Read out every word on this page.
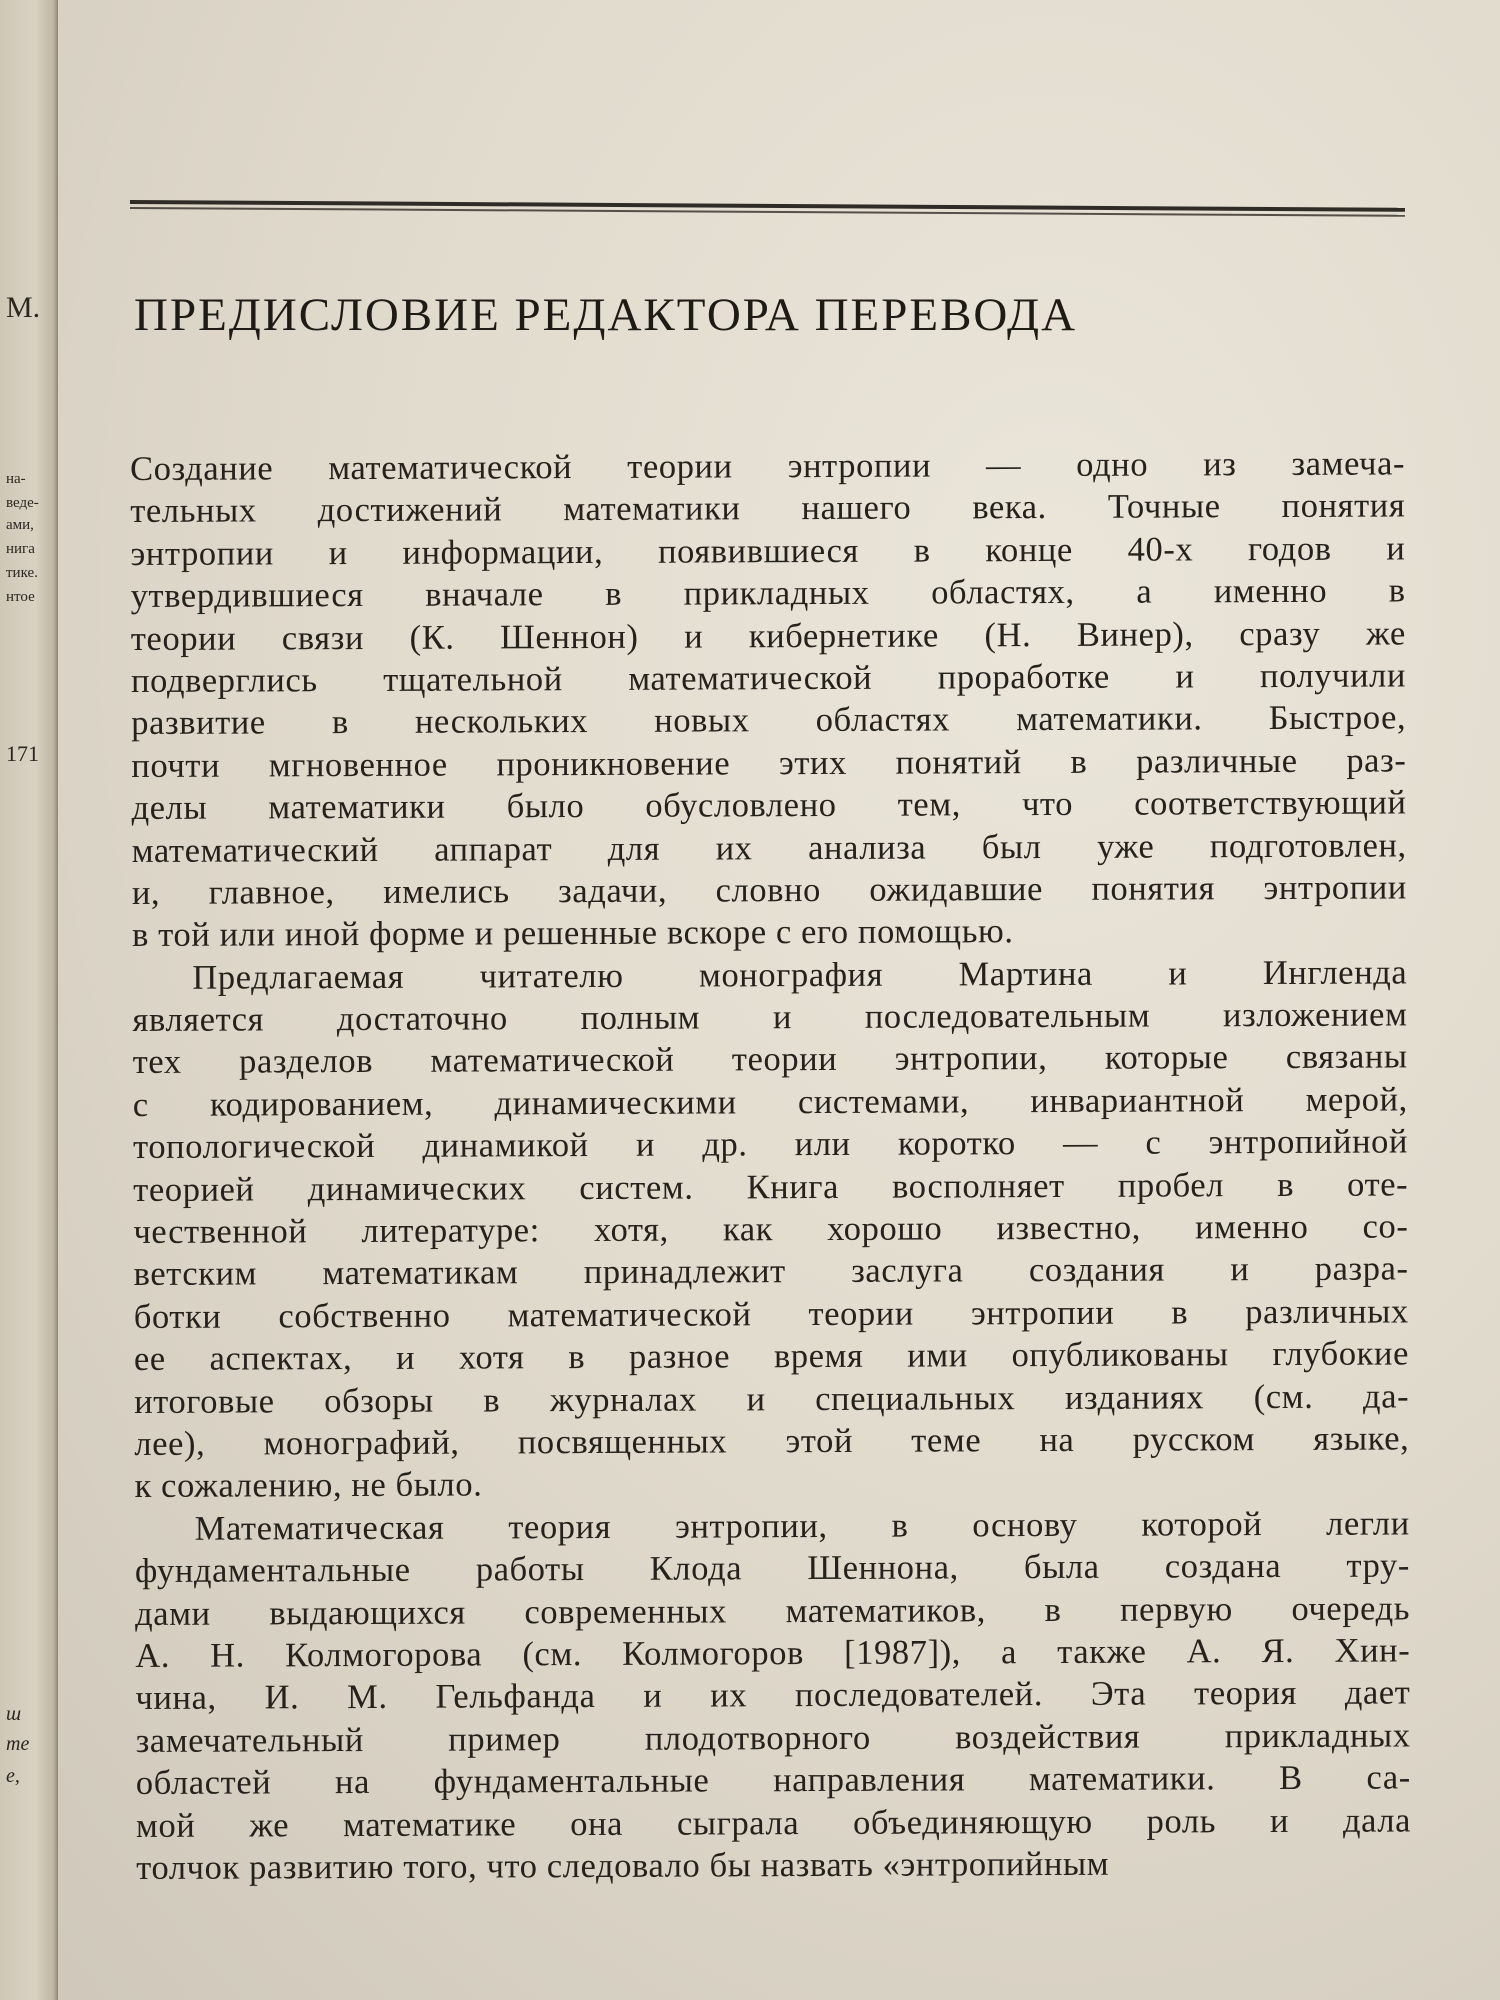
М.
на-
веде-
ами,
нига
тике.
нтое
171
ш
те
е,
ПРЕДИСЛОВИЕ РЕДАКТОРА ПЕРЕВОДА
Создание математической теории энтропии — одно из замеча-
тельных достижений математики нашего века. Точные понятия
энтропии и информации, появившиеся в конце 40-х годов и
утвердившиеся вначале в прикладных областях, а именно в
теории связи (К. Шеннон) и кибернетике (Н. Винер), сразу же
подверглись тщательной математической проработке и получили
развитие в нескольких новых областях математики. Быстрое,
почти мгновенное проникновение этих понятий в различные раз-
делы математики было обусловлено тем, что соответствующий
математический аппарат для их анализа был уже подготовлен,
и, главное, имелись задачи, словно ожидавшие понятия энтропии
в той или иной форме и решенные вскоре с его помощью.
Предлагаемая читателю монография Мартина и Ингленда
является достаточно полным и последовательным изложением
тех разделов математической теории энтропии, которые связаны
с кодированием, динамическими системами, инвариантной мерой,
топологической динамикой и др. или коротко — с энтропийной
теорией динамических систем. Книга восполняет пробел в оте-
чественной литературе: хотя, как хорошо известно, именно со-
ветским математикам принадлежит заслуга создания и разра-
ботки собственно математической теории энтропии в различных
ее аспектах, и хотя в разное время ими опубликованы глубокие
итоговые обзоры в журналах и специальных изданиях (см. да-
лее), монографий, посвященных этой теме на русском языке,
к сожалению, не было.
Математическая теория энтропии, в основу которой легли
фундаментальные работы Клода Шеннона, была создана тру-
дами выдающихся современных математиков, в первую очередь
А. Н. Колмогорова (см. Колмогоров [1987]), а также А. Я. Хин-
чина, И. М. Гельфанда и их последователей. Эта теория дает
замечательный пример плодотворного воздействия прикладных
областей на фундаментальные направления математики. В са-
мой же математике она сыграла объединяющую роль и дала
толчок развитию того, что следовало бы назвать «энтропийным
